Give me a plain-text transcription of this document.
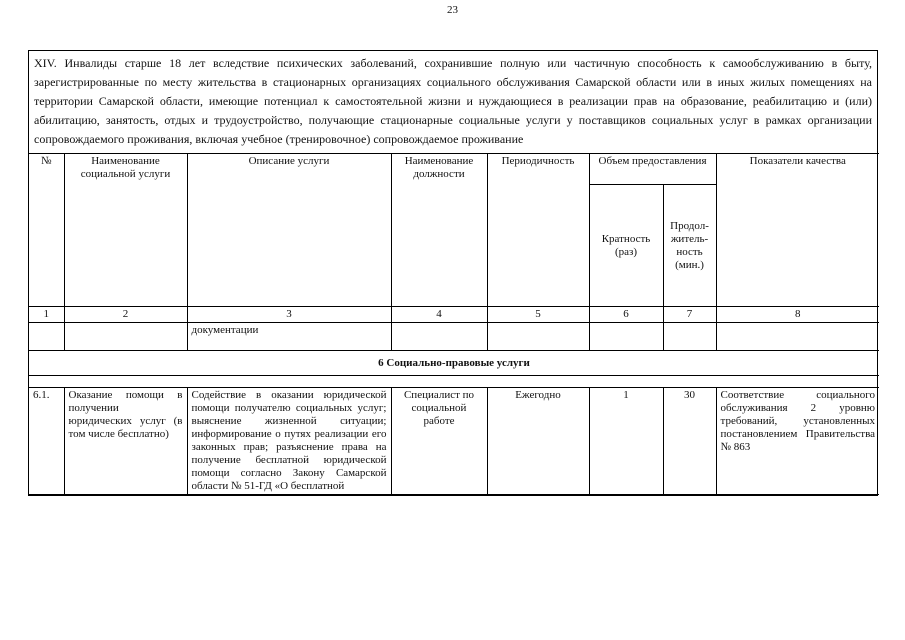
23
XIV. Инвалиды старше 18 лет вследствие психических заболеваний, сохранившие полную или частичную способность к самообслуживанию в быту, зарегистрированные по месту жительства в стационарных организациях социального обслуживания Самарской области или в иных жилых помещениях на территории Самарской области, имеющие потенциал к самостоятельной жизни и нуждающиеся в реализации прав на образование, реабилитацию и (или) абилитацию, занятость, отдых и трудоустройство, получающие стационарные социальные услуги у поставщиков социальных услуг в рамках организации сопровождаемого проживания, включая учебное (тренировочное) сопровождаемое проживание
№	Наименование социальной услуги	Описание услуги	Наименование должности	Периодичность	Объем предоставления		Показатели качества
					Кратность (раз)	Продол-житель-ность (мин.)	
1	2	3	4	5	6	7	8
		документации					
6 Социально-правовые услуги							

6.1.	Оказание помощи в получении юридических услуг (в том числе бесплатно)	Содействие в оказании юридической помощи получателю социальных услуг; выяснение жизненной ситуации; информирование о путях реализации его законных прав; разъяснение права на получение бесплатной юридической помощи согласно Закону Самарской области № 51-ГД «О бесплатной	Специалист по социальной работе	Ежегодно	1	30	Соответствие социального обслуживания 2 уровню требований, установленных постановлением Правительства № 863
